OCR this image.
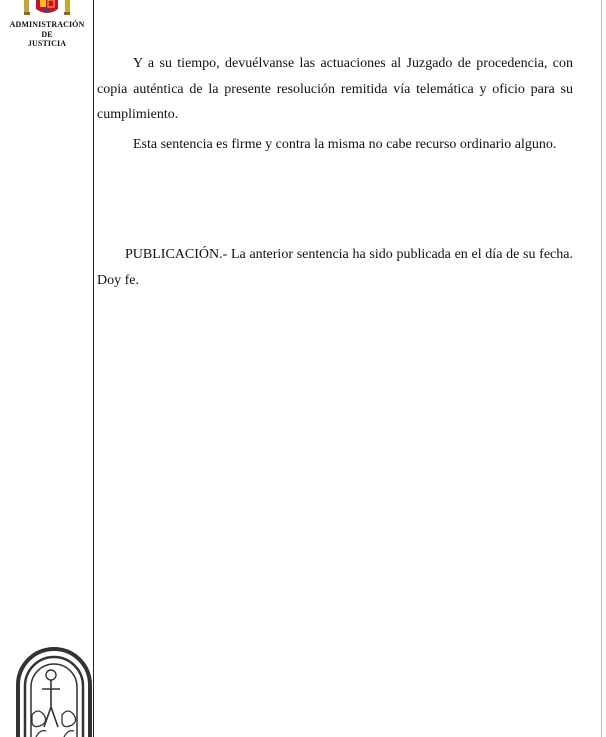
ADMINISTRACIÓN
DE
JUSTICIA

Y a su tiempo, devuélvanse las actuaciones al Juzgado de procedencia, con copia auténtica de la presente resolución remitida vía telemática y oficio para su cumplimiento.

Esta sentencia es firme y contra la misma no cabe recurso ordinario alguno.

PUBLICACIÓN.- La anterior sentencia ha sido publicada en el día de su fecha. Doy fe.
